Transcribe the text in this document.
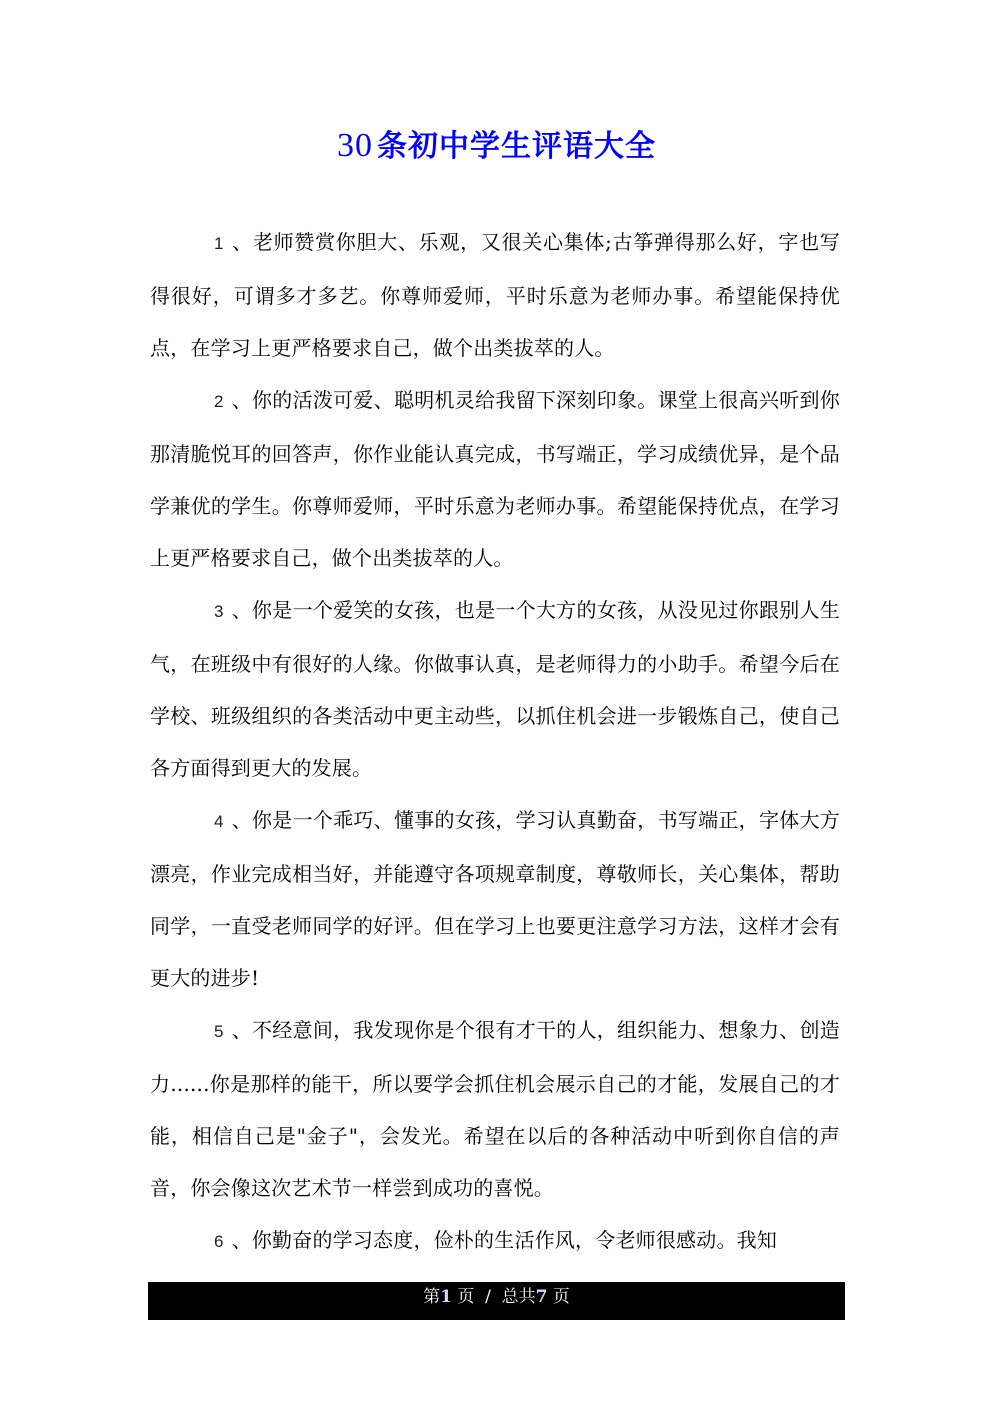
30 条初中学生评语大全

1 、老师赞赏你胆大、乐观，又很关心集体;古筝弹得那么好，字也写得很好，可谓多才多艺。你尊师爱师，平时乐意为老师办事。希望能保持优点，在学习上更严格要求自己，做个出类拔萃的人。

2 、你的活泼可爱、聪明机灵给我留下深刻印象。课堂上很高兴听到你那清脆悦耳的回答声，你作业能认真完成，书写端正，学习成绩优异，是个品学兼优的学生。你尊师爱师，平时乐意为老师办事。希望能保持优点，在学习上更严格要求自己，做个出类拔萃的人。

3 、你是一个爱笑的女孩，也是一个大方的女孩，从没见过你跟别人生气，在班级中有很好的人缘。你做事认真，是老师得力的小助手。希望今后在学校、班级组织的各类活动中更主动些，以抓住机会进一步锻炼自己，使自己各方面得到更大的发展。

4 、你是一个乖巧、懂事的女孩，学习认真勤奋，书写端正，字体大方漂亮，作业完成相当好，并能遵守各项规章制度，尊敬师长，关心集体，帮助同学，一直受老师同学的好评。但在学习上也要更注意学习方法，这样才会有更大的进步!

5 、不经意间，我发现你是个很有才干的人，组织能力、想象力、创造力......你是那样的能干，所以要学会抓住机会展示自己的才能，发展自己的才能，相信自己是"金子"，会发光。希望在以后的各种活动中听到你自信的声音，你会像这次艺术节一样尝到成功的喜悦。

6 、你勤奋的学习态度，俭朴的生活作风，令老师很感动。我知

第1 页 / 总共7 页
